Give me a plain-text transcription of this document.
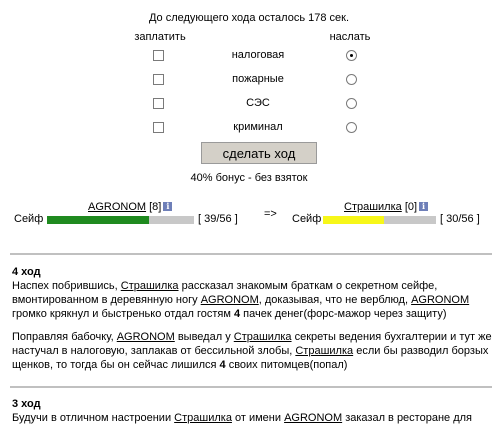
До следующего хода осталось 178 сек.
заплатить	наслать
налоговая
пожарные
СЭС
криминал
сделать ход
40% бонус - без взяток
AGRONOM [8] i
Сейф	[ 39/56 ] =>
Страшилка [0] i
Сейф	[ 30/56 ]
4 ход
Наспех побрившись, Страшилка рассказал знакомым браткам о секретном сейфе, вмонтированном в деревянную ногу AGRONOM, доказывая, что не верблюд, AGRONOM громко крякнул и быстренько отдал гостям 4 пачек денег(форс-мажор через защиту)
Поправляя бабочку, AGRONOM выведал у Страшилка секреты ведения бухгалтерии и тут же настучал в налоговую, заплакав от бессильной злобы, Страшилка если бы разводил борзых щенков, то тогда бы он сейчас лишился 4 своих питомцев(попал)
3 ход
Будучи в отличном настроении Страшилка от имени AGRONOM заказал в ресторане для
